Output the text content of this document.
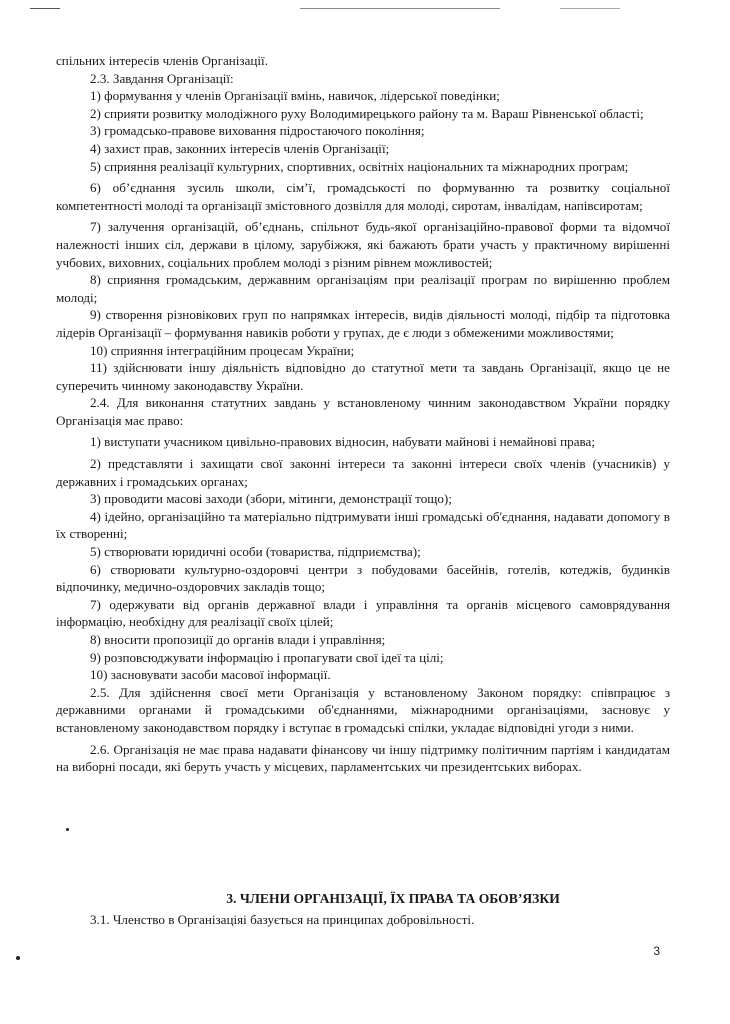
спільних інтересів членів Організації.

2.3. Завдання Організації:

1) формування у членів Організації вмінь, навичок, лідерської поведінки;

2) сприяти розвитку молодіжного руху Володимирецького району та м. Вараш Рівненської області;

3) громадсько-правове виховання підростаючого покоління;

4) захист прав, законних інтересів членів Організації;

5) сприяння реалізації культурних, спортивних, освітніх національних та міжнародних програм;

6) об’єднання зусиль школи, сім’ї, громадськості по формуванню та розвитку соціальної компетентності молоді та організації змістовного дозвілля для молоді, сиротам, інвалідам, напівсиротам;

7) залучення організацій, об’єднань, спільнот будь-якої організаційно-правової форми та відомчої належності інших сіл, держави в цілому, зарубіжжя, які бажають брати участь у практичному вирішенні учбових, виховних, соціальних проблем молоді з різним рівнем можливостей;

8) сприяння громадським, державним організаціям при реалізації програм по вирішенню проблем молоді;

9) створення різновікових груп по напрямках інтересів, видів діяльності молоді, підбір та підготовка лідерів Організації – формування навиків роботи у групах, де є люди з обмеженими можливостями;

10) сприяння інтеграційним процесам України;

11) здійснювати іншу діяльність відповідно до статутної мети та завдань Організації, якщо це не суперечить чинному законодавству України.

2.4. Для виконання статутних завдань у встановленому чинним законодавством України порядку Організація має право:

1) виступати учасником цивільно-правових відносин, набувати майнові і немайнові права;

2) представляти і захищати свої законні інтереси та законні інтереси своїх членів (учасників) у державних і громадських органах;

3) проводити масові заходи (збори, мітинги, демонстрації тощо);

4) ідейно, організаційно та матеріально підтримувати інші громадські об'єднання, надавати допомогу в їх створенні;

5) створювати юридичні особи (товариства, підприємства);

6) створювати культурно-оздоровчі центри з побудовами басейнів, готелів, котеджів, будинків відпочинку, медично-оздоровчих закладів тощо;

7) одержувати від органів державної влади і управління та органів місцевого самоврядування інформацію, необхідну для реалізації своїх цілей;

8) вносити пропозиції до органів влади і управління;

9) розповсюджувати інформацію і пропагувати свої ідеї та цілі;

10) засновувати засоби масової інформації.

2.5. Для здійснення своєї мети Організація у встановленому Законом порядку: співпрацює з державними органами й громадськими об'єднаннями, міжнародними організаціями, засновує у встановленому законодавством порядку і вступає в громадські спілки, укладає відповідні угоди з ними.

2.6. Організація не має права надавати фінансову чи іншу підтримку політичним партіям і кандидатам на виборні посади, які беруть участь у місцевих, парламентських чи президентських виборах.

3. ЧЛЕНИ ОРГАНІЗАЦІЇ, ЇХ ПРАВА ТА ОБОВ’ЯЗКИ
3.1. Членство в Організаціяі базується на принципах добровільності.
3
